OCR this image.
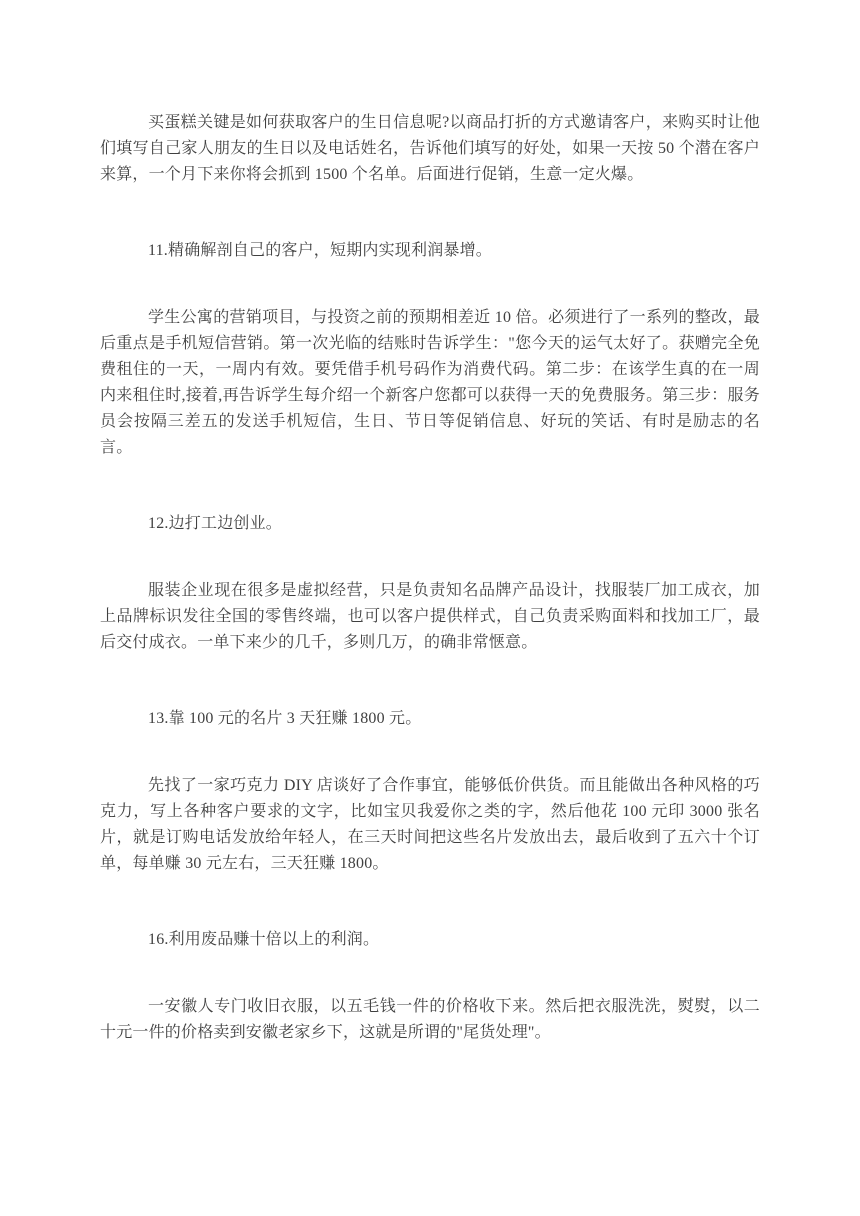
买蛋糕关键是如何获取客户的生日信息呢?以商品打折的方式邀请客户，来购买时让他们填写自己家人朋友的生日以及电话姓名，告诉他们填写的好处，如果一天按 50 个潜在客户来算，一个月下来你将会抓到 1500 个名单。后面进行促销，生意一定火爆。

11.精确解剖自己的客户，短期内实现利润暴增。

学生公寓的营销项目，与投资之前的预期相差近 10 倍。必须进行了一系列的整改，最后重点是手机短信营销。第一次光临的结账时告诉学生："您今天的运气太好了。获赠完全免费租住的一天，一周内有效。要凭借手机号码作为消费代码。第二步：在该学生真的在一周内来租住时,接着,再告诉学生每介绍一个新客户您都可以获得一天的免费服务。第三步：服务员会按隔三差五的发送手机短信，生日、节日等促销信息、好玩的笑话、有时是励志的名言。

12.边打工边创业。

服装企业现在很多是虚拟经营，只是负责知名品牌产品设计，找服装厂加工成衣，加上品牌标识发往全国的零售终端，也可以客户提供样式，自己负责采购面料和找加工厂，最后交付成衣。一单下来少的几千，多则几万，的确非常惬意。

13.靠 100 元的名片 3 天狂赚 1800 元。

先找了一家巧克力 DIY 店谈好了合作事宜，能够低价供货。而且能做出各种风格的巧克力，写上各种客户要求的文字，比如宝贝我爱你之类的字，然后他花 100 元印 3000 张名片，就是订购电话发放给年轻人，在三天时间把这些名片发放出去，最后收到了五六十个订单，每单赚 30 元左右，三天狂赚 1800。

16.利用废品赚十倍以上的利润。

一安徽人专门收旧衣服，以五毛钱一件的价格收下来。然后把衣服洗洗，熨熨，以二十元一件的价格卖到安徽老家乡下，这就是所谓的"尾货处理"。
